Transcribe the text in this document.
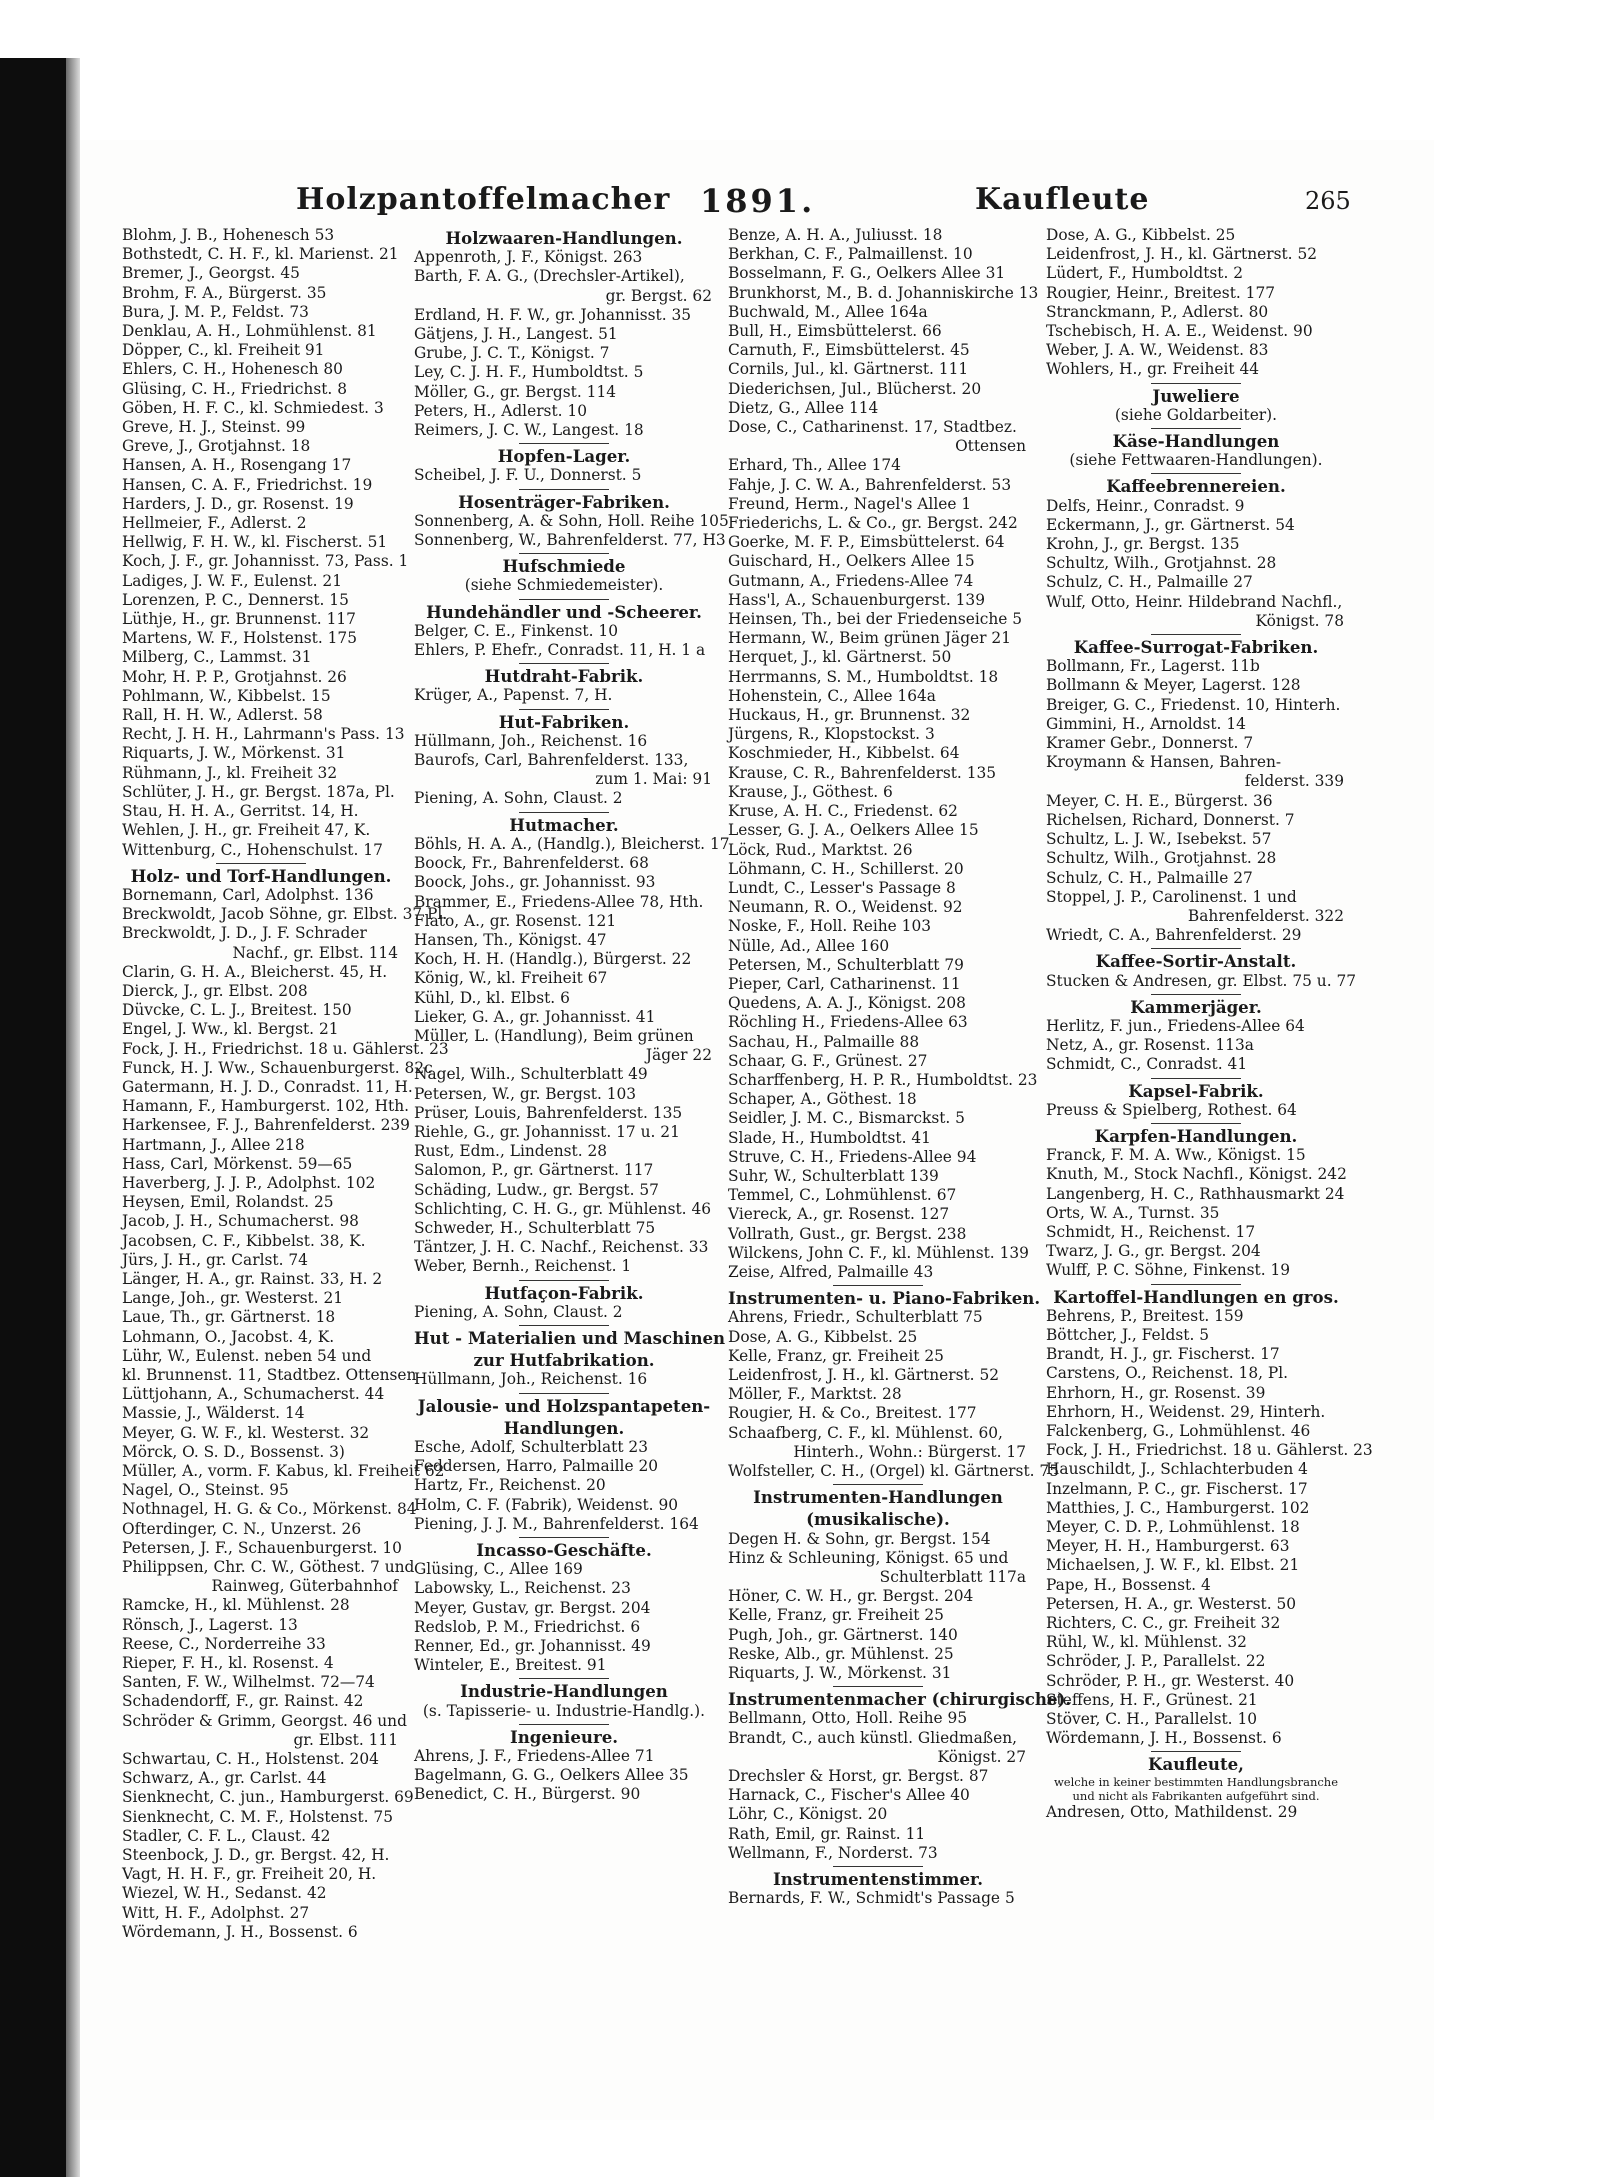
Holzpantoffelmacher 1891.	Kaufleute	265
Blohm, J. B., Hohenesch 53
Bothstedt, C. H. F., kl. Marienst. 21
Bremer, J., Georgst. 45
Brohm, F. A., Bürgerst. 35
Bura, J. M. P., Feldst. 73
Denklau, A. H., Lohmühlenst. 81
Döpper, C., kl. Freiheit 91
Ehlers, C. H., Hohenesch 80
Glüsing, C. H., Friedrichst. 8
Göben, H. F. C., kl. Schmiedest. 3
Greve, H. J., Steinst. 99
Greve, J., Grotjahnst. 18
Hansen, A. H., Rosengang 17
Hansen, C. A. F., Friedrichst. 19
Harders, J. D., gr. Rosenst. 19
Hellmeier, F., Adlerst. 2
Hellwig, F. H. W., kl. Fischerst. 51
Koch, J. F., gr. Johannisst. 73, Pass. 1
Ladiges, J. W. F., Eulenst. 21
Lorenzen, P. C., Dennerst. 15
Lüthje, H., gr. Brunnenst. 117
Martens, W. F., Holstenst. 175
Milberg, C., Lammst. 31
Mohr, H. P. P., Grotjahnst. 26
Pohlmann, W., Kibbelst. 15
Rall, H. H. W., Adlerst. 58
Recht, J. H. H., Lahrmann's Pass. 13
Riquarts, J. W., Mörkenst. 31
Rühmann, J., kl. Freiheit 32
Schlüter, J. H., gr. Bergst. 187a, Pl.
Stau, H. H. A., Gerritst. 14, H.
Wehlen, J. H., gr. Freiheit 47, K.
Wittenburg, C., Hohenschulst. 17
Holz- und Torf-Handlungen.
Bornemann, Carl, Adolphst. 136
Breckwoldt, Jacob Söhne, gr. Elbst. 37 Pl.
Breckwoldt, J. D., J. F. Schrader
Nachf., gr. Elbst. 114
Clarin, G. H. A., Bleicherst. 45, H.
Dierck, J., gr. Elbst. 208
Düvcke, C. L. J., Breitest. 150
Engel, J. Ww., kl. Bergst. 21
Fock, J. H., Friedrichst. 18 u. Gählerst. 23
Funck, H. J. Ww., Schauenburgerst. 82c
Gatermann, H. J. D., Conradst. 11, H.
Hamann, F., Hamburgerst. 102, Hth.
Harkensee, F. J., Bahrenfelderst. 239
Hartmann, J., Allee 218
Hass, Carl, Mörkenst. 59—65
Haverberg, J. J. P., Adolphst. 102
Heysen, Emil, Rolandst. 25
Jacob, J. H., Schumacherst. 98
Jacobsen, C. F., Kibbelst. 38, K.
Jürs, J. H., gr. Carlst. 74
Länger, H. A., gr. Rainst. 33, H. 2
Lange, Joh., gr. Westerst. 21
Laue, Th., gr. Gärtnerst. 18
Lohmann, O., Jacobst. 4, K.
Lühr, W., Eulenst. neben 54 und
kl. Brunnenst. 11, Stadtbez. Ottensen
Lüttjohann, A., Schumacherst. 44
Massie, J., Wälderst. 14
Meyer, G. W. F., kl. Westerst. 32
Mörck, O. S. D., Bossenst. 3)
Müller, A., vorm. F. Kabus, kl. Freiheit 62
Nagel, O., Steinst. 95
Nothnagel, H. G. & Co., Mörkenst. 84
Ofterdinger, C. N., Unzerst. 26
Petersen, J. F., Schauenburgerst. 10
Philippsen, Chr. C. W., Göthest. 7 und
Rainweg, Güterbahnhof
Ramcke, H., kl. Mühlenst. 28
Rönsch, J., Lagerst. 13
Reese, C., Norderreihe 33
Rieper, F. H., kl. Rosenst. 4
Santen, F. W., Wilhelmst. 72—74
Schadendorff, F., gr. Rainst. 42
Schröder & Grimm, Georgst. 46 und
gr. Elbst. 111
Schwartau, C. H., Holstenst. 204
Schwarz, A., gr. Carlst. 44
Sienknecht, C. jun., Hamburgerst. 69
Sienknecht, C. M. F., Holstenst. 75
Stadler, C. F. L., Claust. 42
Steenbock, J. D., gr. Bergst. 42, H.
Vagt, H. H. F., gr. Freiheit 20, H.
Wiezel, W. H., Sedanst. 42
Witt, H. F., Adolphst. 27
Wördemann, J. H., Bossenst. 6
Holzwaaren-Handlungen.
Appenroth, J. F., Königst. 263
Barth, F. A. G., (Drechsler-Artikel),
gr. Bergst. 62
Erdland, H. F. W., gr. Johannisst. 35
Gätjens, J. H., Langest. 51
Grube, J. C. T., Königst. 7
Ley, C. J. H. F., Humboldtst. 5
Möller, G., gr. Bergst. 114
Peters, H., Adlerst. 10
Reimers, J. C. W., Langest. 18
Hopfen-Lager.
Scheibel, J. F. U., Donnerst. 5
Hosenträger-Fabriken.
Sonnenberg, A. & Sohn, Holl. Reihe 105
Sonnenberg, W., Bahrenfelderst. 77, H3
Hufschmiede
(siehe Schmiedemeister).
Hundehändler und -Scheerer.
Belger, C. E., Finkenst. 10
Ehlers, P. Ehefr., Conradst. 11, H. 1 a
Hutdraht-Fabrik.
Krüger, A., Papenst. 7, H.
Hut-Fabriken.
Hüllmann, Joh., Reichenst. 16
Baurofs, Carl, Bahrenfelderst. 133,
zum 1. Mai: 91
Piening, A. Sohn, Claust. 2
Hutmacher.
Böhls, H. A. A., (Handlg.), Bleicherst. 17
Boock, Fr., Bahrenfelderst. 68
Boock, Johs., gr. Johannisst. 93
Brammer, E., Friedens-Allee 78, Hth.
Flato, A., gr. Rosenst. 121
Hansen, Th., Königst. 47
Koch, H. H. (Handlg.), Bürgerst. 22
König, W., kl. Freiheit 67
Kühl, D., kl. Elbst. 6
Lieker, G. A., gr. Johannisst. 41
Müller, L. (Handlung), Beim grünen
Jäger 22
Nagel, Wilh., Schulterblatt 49
Petersen, W., gr. Bergst. 103
Prüser, Louis, Bahrenfelderst. 135
Riehle, G., gr. Johannisst. 17 u. 21
Rust, Edm., Lindenst. 28
Salomon, P., gr. Gärtnerst. 117
Schäding, Ludw., gr. Bergst. 57
Schlichting, C. H. G., gr. Mühlenst. 46
Schweder, H., Schulterblatt 75
Täntzer, J. H. C. Nachf., Reichenst. 33
Weber, Bernh., Reichenst. 1
Hutfaçon-Fabrik.
Piening, A. Sohn, Claust. 2
Hut - Materialien und Maschinen
zur Hutfabrikation.
Hüllmann, Joh., Reichenst. 16
Jalousie- und Holzspantapeten-
Handlungen.
Esche, Adolf, Schulterblatt 23
Feddersen, Harro, Palmaille 20
Hartz, Fr., Reichenst. 20
Holm, C. F. (Fabrik), Weidenst. 90
Piening, J. J. M., Bahrenfelderst. 164
Incasso-Geschäfte.
Glüsing, C., Allee 169
Labowsky, L., Reichenst. 23
Meyer, Gustav, gr. Bergst. 204
Redslob, P. M., Friedrichst. 6
Renner, Ed., gr. Johannisst. 49
Winteler, E., Breitest. 91
Industrie-Handlungen
(s. Tapisserie- u. Industrie-Handlg.).
Ingenieure.
Ahrens, J. F., Friedens-Allee 71
Bagelmann, G. G., Oelkers Allee 35
Benedict, C. H., Bürgerst. 90
Benze, A. H. A., Juliusst. 18
Berkhan, C. F., Palmaillenst. 10
Bosselmann, F. G., Oelkers Allee 31
Brunkhorst, M., B. d. Johanniskirche 13
Buchwald, M., Allee 164a
Bull, H., Eimsbüttelerst. 66
Carnuth, F., Eimsbüttelerst. 45
Cornils, Jul., kl. Gärtnerst. 111
Diederichsen, Jul., Blücherst. 20
Dietz, G., Allee 114
Dose, C., Catharinenst. 17, Stadtbez.
Ottensen
Erhard, Th., Allee 174
Fahje, J. C. W. A., Bahrenfelderst. 53
Freund, Herm., Nagel's Allee 1
Friederichs, L. & Co., gr. Bergst. 242
Goerke, M. F. P., Eimsbüttelerst. 64
Guischard, H., Oelkers Allee 15
Gutmann, A., Friedens-Allee 74
Hass'l, A., Schauenburgerst. 139
Heinsen, Th., bei der Friedenseiche 5
Hermann, W., Beim grünen Jäger 21
Herquet, J., kl. Gärtnerst. 50
Herrmanns, S. M., Humboldtst. 18
Hohenstein, C., Allee 164a
Huckaus, H., gr. Brunnenst. 32
Jürgens, R., Klopstockst. 3
Koschmieder, H., Kibbelst. 64
Krause, C. R., Bahrenfelderst. 135
Krause, J., Göthest. 6
Kruse, A. H. C., Friedenst. 62
Lesser, G. J. A., Oelkers Allee 15
Löck, Rud., Marktst. 26
Löhmann, C. H., Schillerst. 20
Lundt, C., Lesser's Passage 8
Neumann, R. O., Weidenst. 92
Noske, F., Holl. Reihe 103
Nülle, Ad., Allee 160
Petersen, M., Schulterblatt 79
Pieper, Carl, Catharinenst. 11
Quedens, A. A. J., Königst. 208
Röchling H., Friedens-Allee 63
Sachau, H., Palmaille 88
Schaar, G. F., Grünest. 27
Scharffenberg, H. P. R., Humboldtst. 23
Schaper, A., Göthest. 18
Seidler, J. M. C., Bismarckst. 5
Slade, H., Humboldtst. 41
Struve, C. H., Friedens-Allee 94
Suhr, W., Schulterblatt 139
Temmel, C., Lohmühlenst. 67
Viereck, A., gr. Rosenst. 127
Vollrath, Gust., gr. Bergst. 238
Wilckens, John C. F., kl. Mühlenst. 139
Zeise, Alfred, Palmaille 43
Instrumenten- u. Piano-Fabriken.
Ahrens, Friedr., Schulterblatt 75
Dose, A. G., Kibbelst. 25
Kelle, Franz, gr. Freiheit 25
Leidenfrost, J. H., kl. Gärtnerst. 52
Möller, F., Marktst. 28
Rougier, H. & Co., Breitest. 177
Schaafberg, C. F., kl. Mühlenst. 60,
Hinterh., Wohn.: Bürgerst. 17
Wolfsteller, C. H., (Orgel) kl. Gärtnerst. 75
Instrumenten-Handlungen
(musikalische).
Degen H. & Sohn, gr. Bergst. 154
Hinz & Schleuning, Königst. 65 und
Schulterblatt 117a
Höner, C. W. H., gr. Bergst. 204
Kelle, Franz, gr. Freiheit 25
Pugh, Joh., gr. Gärtnerst. 140
Reske, Alb., gr. Mühlenst. 25
Riquarts, J. W., Mörkenst. 31
Instrumentenmacher (chirurgische).
Bellmann, Otto, Holl. Reihe 95
Brandt, C., auch künstl. Gliedmaßen,
Königst. 27
Drechsler & Horst, gr. Bergst. 87
Harnack, C., Fischer's Allee 40
Löhr, C., Königst. 20
Rath, Emil, gr. Rainst. 11
Wellmann, F., Norderst. 73
Instrumentenstimmer.
Bernards, F. W., Schmidt's Passage 5
Dose, A. G., Kibbelst. 25
Leidenfrost, J. H., kl. Gärtnerst. 52
Lüdert, F., Humboldtst. 2
Rougier, Heinr., Breitest. 177
Stranckmann, P., Adlerst. 80
Tschebisch, H. A. E., Weidenst. 90
Weber, J. A. W., Weidenst. 83
Wohlers, H., gr. Freiheit 44
Juweliere
(siehe Goldarbeiter).
Käse-Handlungen
(siehe Fettwaaren-Handlungen).
Kaffeebrennereien.
Delfs, Heinr., Conradst. 9
Eckermann, J., gr. Gärtnerst. 54
Krohn, J., gr. Bergst. 135
Schultz, Wilh., Grotjahnst. 28
Schulz, C. H., Palmaille 27
Wulf, Otto, Heinr. Hildebrand Nachfl.,
Königst. 78
Kaffee-Surrogat-Fabriken.
Bollmann, Fr., Lagerst. 11b
Bollmann & Meyer, Lagerst. 128
Breiger, G. C., Friedenst. 10, Hinterh.
Gimmini, H., Arnoldst. 14
Kramer Gebr., Donnerst. 7
Kroymann & Hansen, Bahren-
felderst. 339
Meyer, C. H. E., Bürgerst. 36
Richelsen, Richard, Donnerst. 7
Schultz, L. J. W., Isebekst. 57
Schultz, Wilh., Grotjahnst. 28
Schulz, C. H., Palmaille 27
Stoppel, J. P., Carolinenst. 1 und
Bahrenfelderst. 322
Wriedt, C. A., Bahrenfelderst. 29
Kaffee-Sortir-Anstalt.
Stucken & Andresen, gr. Elbst. 75 u. 77
Kammerjäger.
Herlitz, F. jun., Friedens-Allee 64
Netz, A., gr. Rosenst. 113a
Schmidt, C., Conradst. 41
Kapsel-Fabrik.
Preuss & Spielberg, Rothest. 64
Karpfen-Handlungen.
Franck, F. M. A. Ww., Königst. 15
Knuth, M., Stock Nachfl., Königst. 242
Langenberg, H. C., Rathhausmarkt 24
Orts, W. A., Turnst. 35
Schmidt, H., Reichenst. 17
Twarz, J. G., gr. Bergst. 204
Wulff, P. C. Söhne, Finkenst. 19
Kartoffel-Handlungen en gros.
Behrens, P., Breitest. 159
Böttcher, J., Feldst. 5
Brandt, H. J., gr. Fischerst. 17
Carstens, O., Reichenst. 18, Pl.
Ehrhorn, H., gr. Rosenst. 39
Ehrhorn, H., Weidenst. 29, Hinterh.
Falckenberg, G., Lohmühlenst. 46
Fock, J. H., Friedrichst. 18 u. Gählerst. 23
Hauschildt, J., Schlachterbuden 4
Inzelmann, P. C., gr. Fischerst. 17
Matthies, J. C., Hamburgerst. 102
Meyer, C. D. P., Lohmühlenst. 18
Meyer, H. H., Hamburgerst. 63
Michaelsen, J. W. F., kl. Elbst. 21
Pape, H., Bossenst. 4
Petersen, H. A., gr. Westerst. 50
Richters, C. C., gr. Freiheit 32
Rühl, W., kl. Mühlenst. 32
Schröder, J. P., Parallelst. 22
Schröder, P. H., gr. Westerst. 40
Steffens, H. F., Grünest. 21
Stöver, C. H., Parallelst. 10
Wördemann, J. H., Bossenst. 6
Kaufleute,
welche in keiner bestimmten Handlungsbranche
und nicht als Fabrikanten aufgeführt sind.
Andresen, Otto, Mathildenst. 29
